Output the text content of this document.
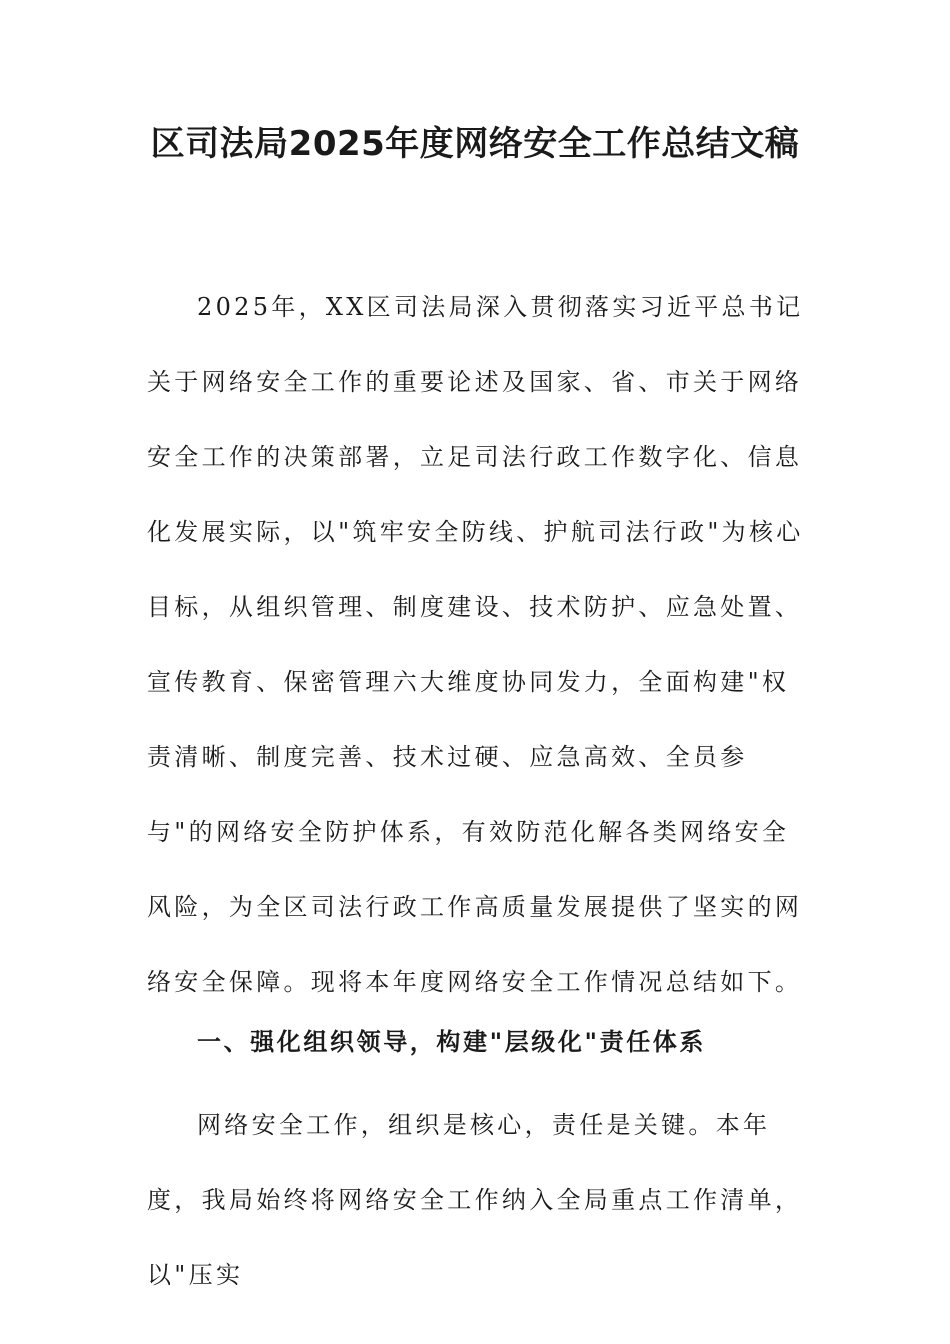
区司法局2025年度网络安全工作总结文稿

2025年，XX区司法局深入贯彻落实习近平总书记关于网络安全工作的重要论述及国家、省、市关于网络安全工作的决策部署，立足司法行政工作数字化、信息化发展实际，以"筑牢安全防线、护航司法行政"为核心目标，从组织管理、制度建设、技术防护、应急处置、宣传教育、保密管理六大维度协同发力，全面构建"权责清晰、制度完善、技术过硬、应急高效、全员参与"的网络安全防护体系，有效防范化解各类网络安全风险，为全区司法行政工作高质量发展提供了坚实的网络安全保障。现将本年度网络安全工作情况总结如下。

一、强化组织领导，构建"层级化"责任体系

网络安全工作，组织是核心，责任是关键。本年度，我局始终将网络安全工作纳入全局重点工作清单，以"压实
